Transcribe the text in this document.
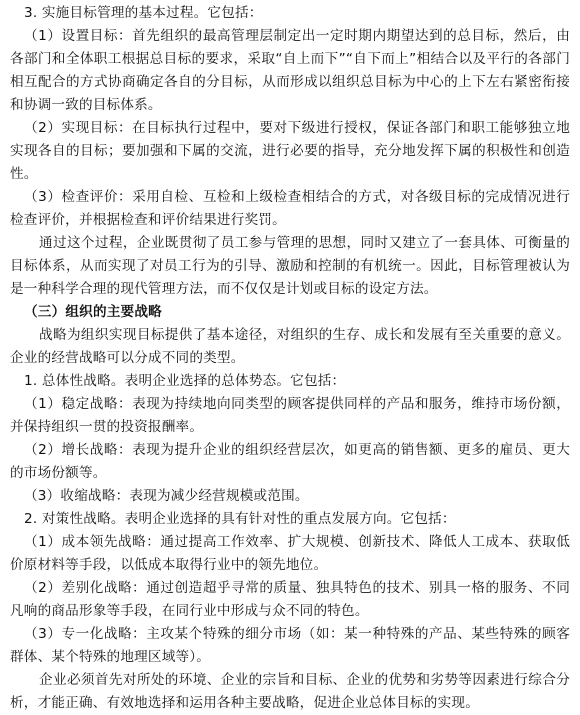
3. 实施目标管理的基本过程。它包括：

（1）设置目标：首先组织的最高管理层制定出一定时期内期望达到的总目标，然后，由各部门和全体职工根据总目标的要求，采取“自上而下”“自下而上”相结合以及平行的各部门相互配合的方式协商确定各自的分目标，从而形成以组织总目标为中心的上下左右紧密衔接和协调一致的目标体系。

（2）实现目标：在目标执行过程中，要对下级进行授权，保证各部门和职工能够独立地实现各自的目标；要加强和下属的交流，进行必要的指导，充分地发挥下属的积极性和创造性。

（3）检查评价：采用自检、互检和上级检查相结合的方式，对各级目标的完成情况进行检查评价，并根据检查和评价结果进行奖罚。

通过这个过程，企业既贯彻了员工参与管理的思想，同时又建立了一套具体、可衡量的目标体系，从而实现了对员工行为的引导、激励和控制的有机统一。因此，目标管理被认为是一种科学合理的现代管理方法，而不仅仅是计划或目标的设定方法。

（三）组织的主要战略

战略为组织实现目标提供了基本途径，对组织的生存、成长和发展有至关重要的意义。企业的经营战略可以分成不同的类型。

1. 总体性战略。表明企业选择的总体势态。它包括：

（1）稳定战略：表现为持续地向同类型的顾客提供同样的产品和服务，维持市场份额，并保持组织一贯的投资报酬率。

（2）增长战略：表现为提升企业的组织经营层次，如更高的销售额、更多的雇员、更大的市场份额等。

（3）收缩战略：表现为减少经营规模或范围。

2. 对策性战略。表明企业选择的具有针对性的重点发展方向。它包括：

（1）成本领先战略：通过提高工作效率、扩大规模、创新技术、降低人工成本、获取低价原材料等手段，以低成本取得行业中的领先地位。

（2）差别化战略：通过创造超乎寻常的质量、独具特色的技术、别具一格的服务、不同凡响的商品形象等手段，在同行业中形成与众不同的特色。

（3）专一化战略：主攻某个特殊的细分市场（如：某一种特殊的产品、某些特殊的顾客群体、某个特殊的地理区域等）。

企业必须首先对所处的环境、企业的宗旨和目标、企业的优势和劣势等因素进行综合分析，才能正确、有效地选择和运用各种主要战略，促进企业总体目标的实现。
